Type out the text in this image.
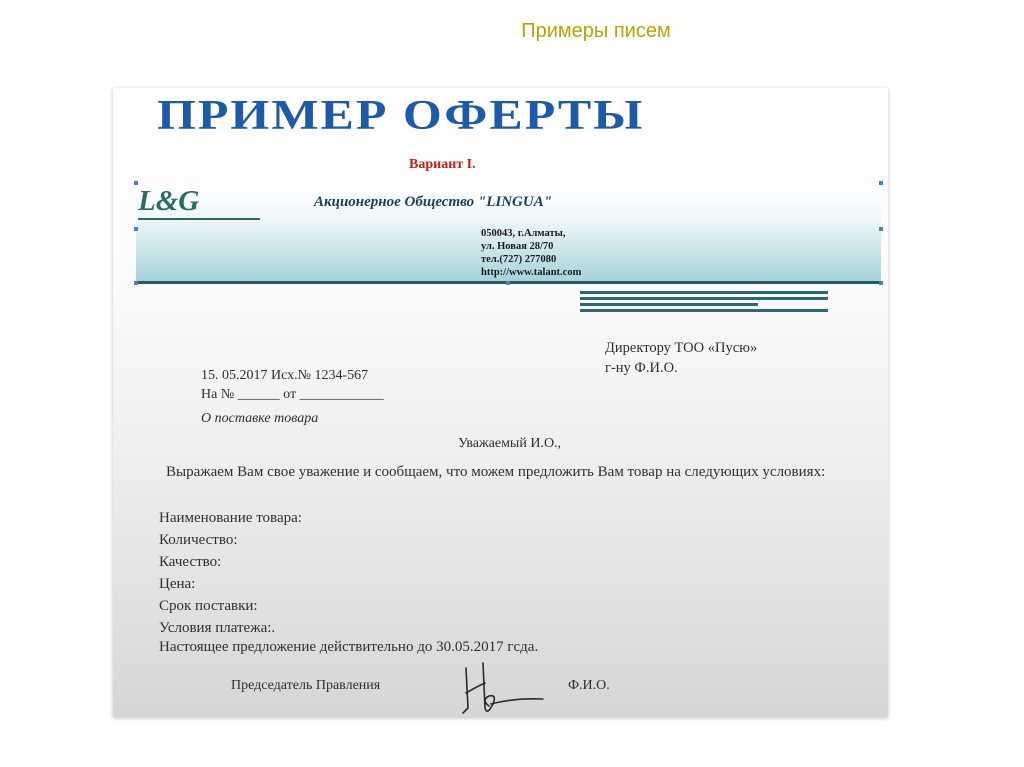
Примеры писем
ПРИМЕР ОФЕРТЫ
Вариант I.
L&G	Акционерное Общество "LINGUA"
050043, г.Алматы,
ул. Новая 28/70
тел.(727) 277080
http://www.talant.com
Директору ТОО «Пусю»
г-ну Ф.И.О.
15. 05.2017 Исх.№ 1234-567
На № ______ от ____________
О поставке товара
Уважаемый И.О.,
Выражаем Вам свое уважение и сообщаем, что можем предложить Вам товар на следующих условиях:
Наименование товара:
Количество:
Качество:
Цена:
Срок поставки:
Условия платежа:.
Настоящее предложение действительно до 30.05.2017 гсда.
Председатель Правления	Ф.И.О.
